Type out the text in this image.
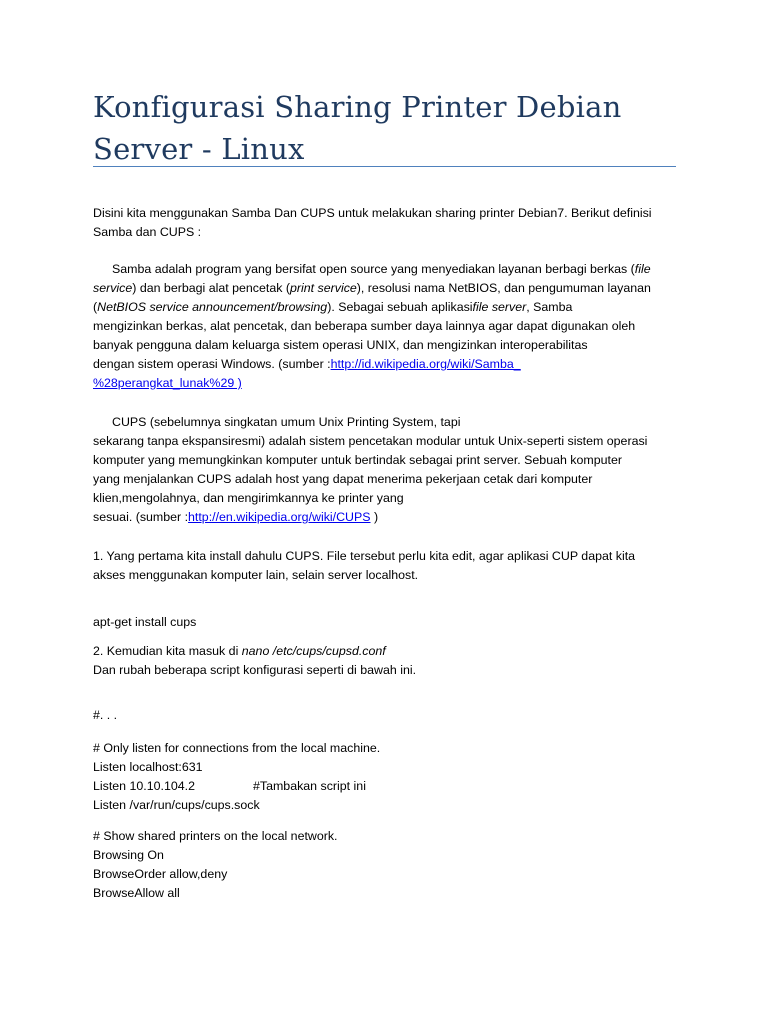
Konfigurasi Sharing Printer Debian
Server - Linux

Disini kita menggunakan Samba Dan CUPS untuk melakukan sharing printer Debian7. Berikut definisi
Samba dan CUPS :

Samba adalah program yang bersifat open source yang menyediakan layanan berbagi berkas (file
service) dan berbagi alat pencetak (print service), resolusi nama NetBIOS, dan pengumuman layanan
(NetBIOS service announcement/browsing). Sebagai sebuah aplikasifile server, Samba
mengizinkan berkas, alat pencetak, dan beberapa sumber daya lainnya agar dapat digunakan oleh
banyak pengguna dalam keluarga sistem operasi UNIX, dan mengizinkan interoperabilitas
dengan sistem operasi Windows. (sumber :http://id.wikipedia.org/wiki/Samba_
%28perangkat_lunak%29 )

CUPS (sebelumnya singkatan umum Unix Printing System, tapi

sekarang tanpa ekspansiresmi) adalah sistem pencetakan modular untuk Unix-seperti sistem operasi
komputer yang memungkinkan komputer untuk bertindak sebagai print server. Sebuah komputer
yang menjalankan CUPS adalah host yang dapat menerima pekerjaan cetak dari komputer
klien,mengolahnya, dan mengirimkannya ke printer yang
sesuai. (sumber :http://en.wikipedia.org/wiki/CUPS )

1. Yang pertama kita install dahulu CUPS. File tersebut perlu kita edit, agar aplikasi CUP dapat kita
akses menggunakan komputer lain, selain server localhost.

apt-get install cups

2. Kemudian kita masuk di nano /etc/cups/cupsd.conf
Dan rubah beberapa script konfigurasi seperti di bawah ini.

#. . .

# Only listen for connections from the local machine.

Listen localhost:631

Listen 10.10.104.2	#Tambakan script ini

Listen /var/run/cups/cups.sock

# Show shared printers on the local network.

Browsing On

BrowseOrder allow,deny

BrowseAllow all
